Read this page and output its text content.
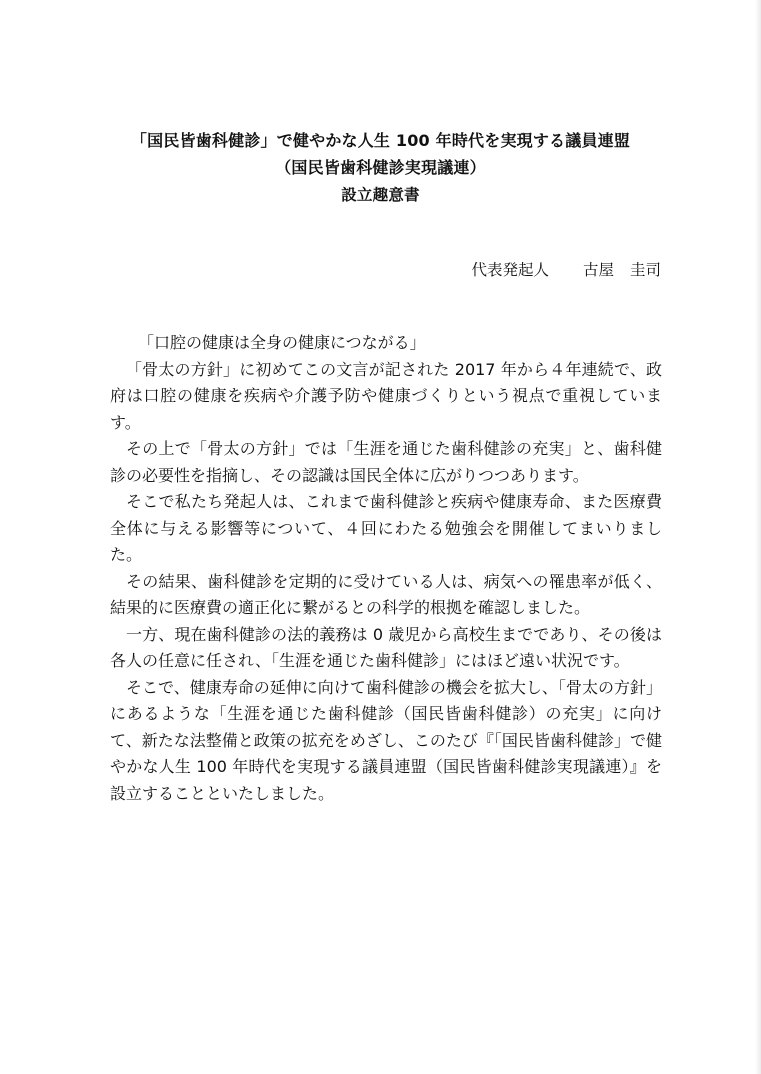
「国民皆歯科健診」で健やかな人生 100 年時代を実現する議員連盟
（国民皆歯科健診実現議連）
設立趣意書
代表発起人 古屋 圭司

「口腔の健康は全身の健康につながる」

「骨太の方針」に初めてこの文言が記された 2017 年から４年連続で、政府は口腔の健康を疾病や介護予防や健康づくりという視点で重視しています。

その上で「骨太の方針」では「生涯を通じた歯科健診の充実」と、歯科健診の必要性を指摘し、その認識は国民全体に広がりつつあります。

そこで私たち発起人は、これまで歯科健診と疾病や健康寿命、また医療費全体に与える影響等について、４回にわたる勉強会を開催してまいりました。

その結果、歯科健診を定期的に受けている人は、病気への罹患率が低く、結果的に医療費の適正化に繋がるとの科学的根拠を確認しました。

一方、現在歯科健診の法的義務は 0 歳児から高校生までであり、その後は各人の任意に任され、「生涯を通じた歯科健診」にはほど遠い状況です。

そこで、健康寿命の延伸に向けて歯科健診の機会を拡大し、「骨太の方針」にあるような「生涯を通じた歯科健診（国民皆歯科健診）の充実」に向けて、新たな法整備と政策の拡充をめざし、このたび『「国民皆歯科健診」で健やかな人生 100 年時代を実現する議員連盟（国民皆歯科健診実現議連）』を設立することといたしました。
